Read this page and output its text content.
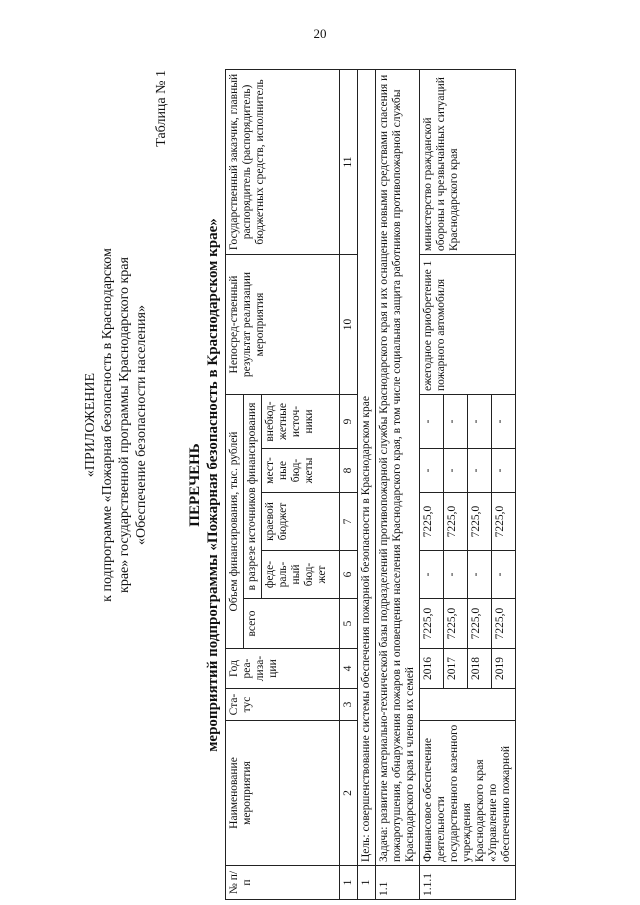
20
«ПРИЛОЖЕНИЕ к подпрограмме «Пожарная безопасность в Краснодарском крае» государственной программы Краснодарского края «Обеспечение безопасности населения»
Таблица № 1
ПЕРЕЧЕНЬ мероприятий подпрограммы «Пожарная безопасность в Краснодарском крае»
№ п/п	Наименование мероприятия	Ста-тус	Год реа-лиза-ции	Объем финансирования, тыс. рублей					Непосред-ственный результат реализации мероприятия	Государственный заказчик, главный распорядитель (распорядитель) бюджетных средств, исполнитель
				всего	в разрезе источников финансирования					
					феде-раль-ный бюд-жет	краевой бюджет	мест-ные бюд-жеты	внебюд-жетные источ-ники		
1	2	3	4	5	6	7	8	9	10	11
1	Цель: совершенствование системы обеспечения пожарной безопасности в Краснодарском крае									
1.1	Задача: развитие материально-технической базы подразделений противопожарной службы Краснодарского края и их оснащение новыми средствами спасения и пожаротушения, обнаружения пожаров и оповещения населения Краснодарского края, в том числе социальная защита работников противопожарной службы Краснодарского края и членов их семей									
1.1.1	Финансовое обеспечение деятельности государственного казенного учреждения Краснодарского края «Управление по обеспечению пожарной		2016	7225,0	-	7225,0	-	-	ежегодное приобретение 1 пожарного автомобиля	министерство гражданской обороны и чрезвычайных ситуаций Краснодарского края
			2017	7225,0	-	7225,0	-	-		
			2018	7225,0	-	7225,0	-	-		
			2019	7225,0	-	7225,0	-	-		
